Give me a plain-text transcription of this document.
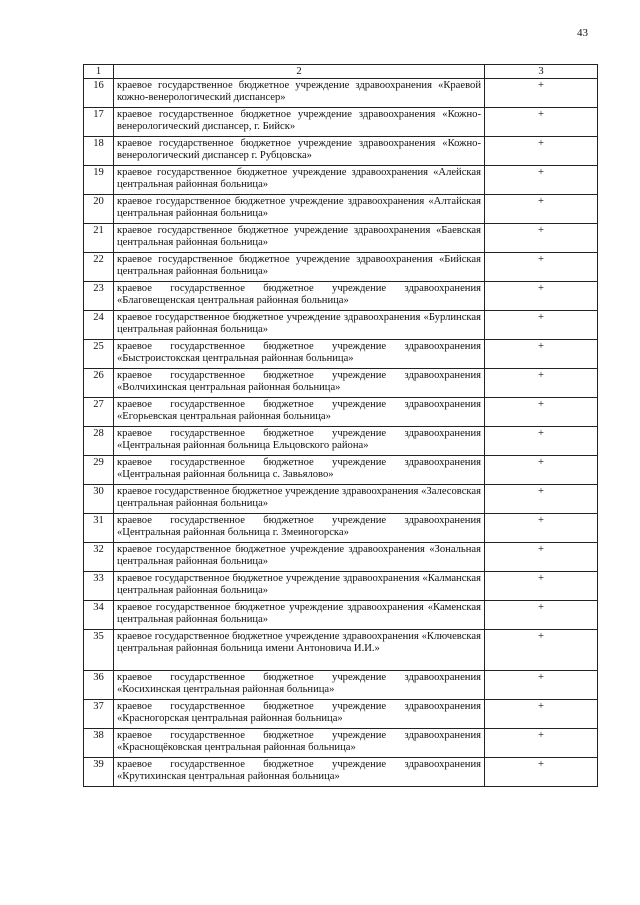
43
1	2	3
16	краевое государственное бюджетное учреждение здравоохранения «Краевой кожно-венерологический диспансер»	+
17	краевое государственное бюджетное учреждение здравоохранения «Кожно-венерологический диспансер, г. Бийск»	+
18	краевое государственное бюджетное учреждение здравоохранения «Кожно-венерологический диспансер г. Рубцовска»	+
19	краевое государственное бюджетное учреждение здравоохранения «Алейская центральная районная больница»	+
20	краевое государственное бюджетное учреждение здравоохранения «Алтайская центральная районная больница»	+
21	краевое государственное бюджетное учреждение здравоохранения «Баевская центральная районная больница»	+
22	краевое государственное бюджетное учреждение здравоохранения «Бийская центральная районная больница»	+
23	краевое государственное бюджетное учреждение здравоохранения «Благовещенская центральная районная больница»	+
24	краевое государственное бюджетное учреждение здравоохранения «Бурлинская центральная районная больница»	+
25	краевое государственное бюджетное учреждение здравоохранения «Быстроистокская центральная районная больница»	+
26	краевое государственное бюджетное учреждение здравоохранения «Волчихинская центральная районная больница»	+
27	краевое государственное бюджетное учреждение здравоохранения «Егорьевская центральная районная больница»	+
28	краевое государственное бюджетное учреждение здравоохранения «Центральная районная больница Ельцовского района»	+
29	краевое государственное бюджетное учреждение здравоохранения «Центральная районная больница с. Завьялово»	+
30	краевое государственное бюджетное учреждение здравоохранения «Залесовская центральная районная больница»	+
31	краевое государственное бюджетное учреждение здравоохранения «Центральная районная больница г. Змеиногорска»	+
32	краевое государственное бюджетное учреждение здравоохранения «Зональная центральная районная больница»	+
33	краевое государственное бюджетное учреждение здравоохранения «Калманская центральная районная больница»	+
34	краевое государственное бюджетное учреждение здравоохранения «Каменская центральная районная больница»	+
35	краевое государственное бюджетное учреждение здравоохранения «Ключевская центральная районная больница имени Антоновича И.И.»	+
36	краевое государственное бюджетное учреждение здравоохранения «Косихинская центральная районная больница»	+
37	краевое государственное бюджетное учреждение здравоохранения «Красногорская центральная районная больница»	+
38	краевое государственное бюджетное учреждение здравоохранения «Краснощёковская центральная районная больница»	+
39	краевое государственное бюджетное учреждение здравоохранения «Крутихинская центральная районная больница»	+
